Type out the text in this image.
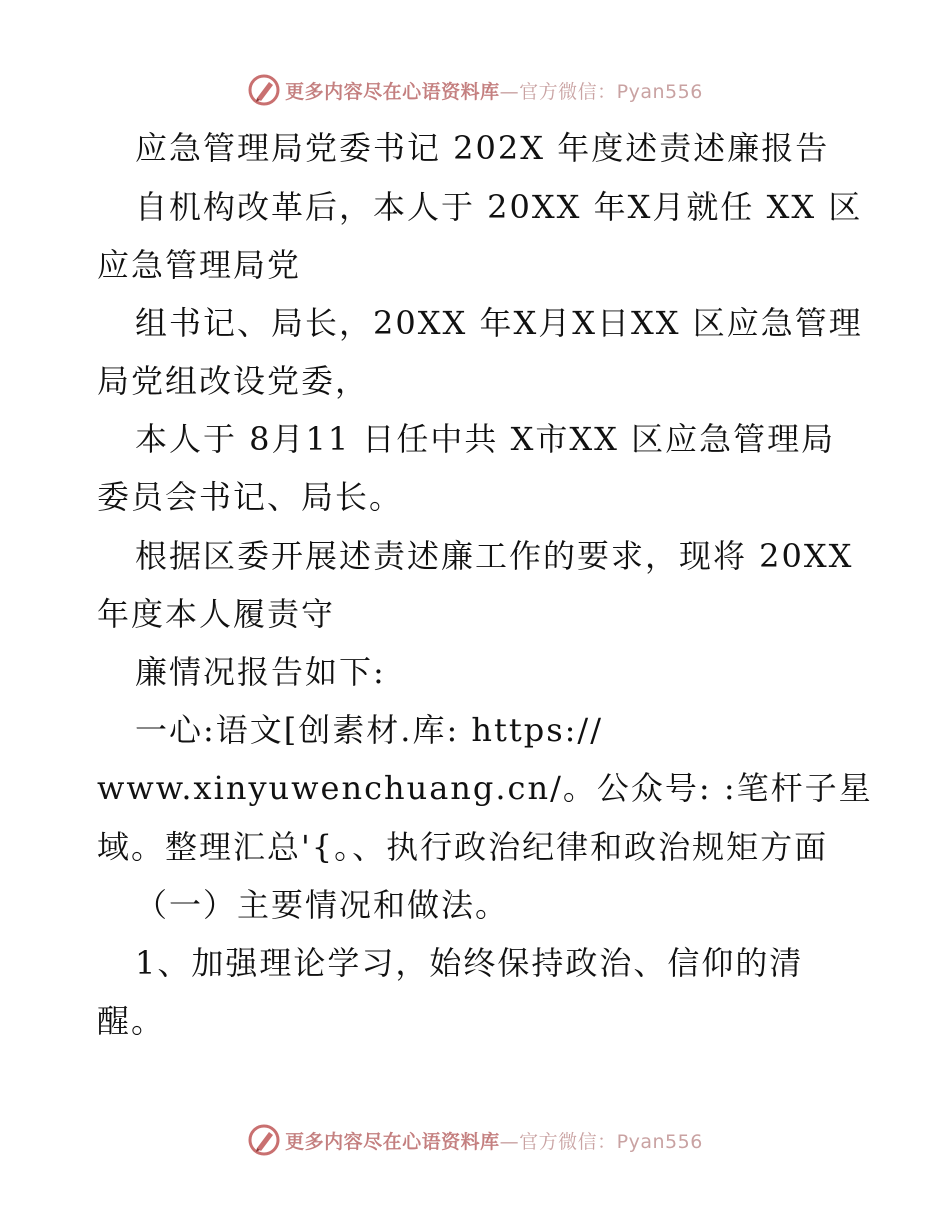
更多内容尽在心语资料库—官方微信：Pyan556
应急管理局党委书记 202X 年度述责述廉报告
自机构改革后，本人于 20XX 年X月就任 XX 区
应急管理局党
组书记、局长，20XX 年X月X日XX 区应急管理
局党组改设党委，
本人于 8月11 日任中共 X市XX 区应急管理局
委员会书记、局长。
根据区委开展述责述廉工作的要求，现将 20XX
年度本人履责守
廉情况报告如下:
一心:语文[创素材.库: https://
www.xinyuwenchuang.cn/。公众号: :笔杆子星
域。整理汇总'{。、执行政治纪律和政治规矩方面
（一）主要情况和做法。
1、加强理论学习，始终保持政治、信仰的清
醒。
更多内容尽在心语资料库—官方微信：Pyan556
